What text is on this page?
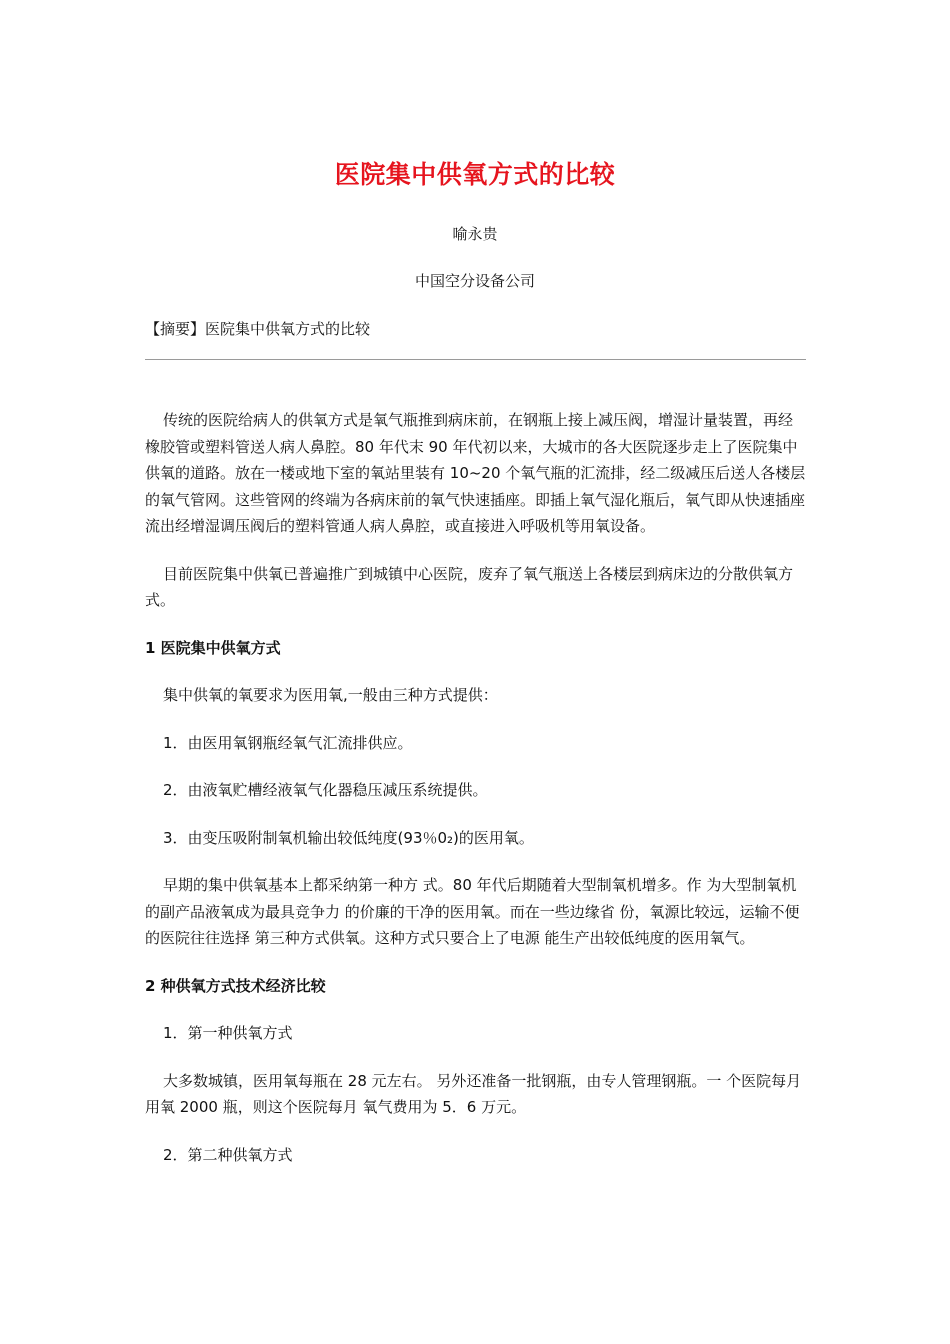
医院集中供氧方式的比较
喻永贵
中国空分设备公司
【摘要】医院集中供氧方式的比较

传统的医院给病人的供氧方式是氧气瓶推到病床前，在钢瓶上接上减压阀，增湿计量装置，再经橡胶管或塑料管送人病人鼻腔。80 年代末 90 年代初以来，大城市的各大医院逐步走上了医院集中供氧的道路。放在一楼或地下室的氧站里装有 10~20 个氧气瓶的汇流排，经二级减压后送人各楼层的氧气管网。这些管网的终端为各病床前的氧气快速插座。即插上氧气湿化瓶后，氧气即从快速插座流出经增湿调压阀后的塑料管通人病人鼻腔，或直接进入呼吸机等用氧设备。

目前医院集中供氧已普遍推广到城镇中心医院，废弃了氧气瓶送上各楼层到病床边的分散供氧方式。

1 医院集中供氧方式

集中供氧的氧要求为医用氧,一般由三种方式提供：

1．由医用氧钢瓶经氧气汇流排供应。

2．由液氧贮槽经液氧气化器稳压减压系统提供。

3．由变压吸附制氧机输出较低纯度(93％0₂)的医用氧。

早期的集中供氧基本上都采纳第一种方 式。80 年代后期随着大型制氧机增多。作 为大型制氧机的副产品液氧成为最具竞争力 的价廉的干净的医用氧。而在一些边缘省 份，氧源比较远，运输不便的医院往往选择 第三种方式供氧。这种方式只要合上了电源 能生产出较低纯度的医用氧气。

2 种供氧方式技术经济比较

1．第一种供氧方式

大多数城镇，医用氧每瓶在 28 元左右。 另外还准备一批钢瓶，由专人管理钢瓶。一 个医院每月用氧 2000 瓶，则这个医院每月 氧气费用为 5．6 万元。

2．第二种供氧方式
